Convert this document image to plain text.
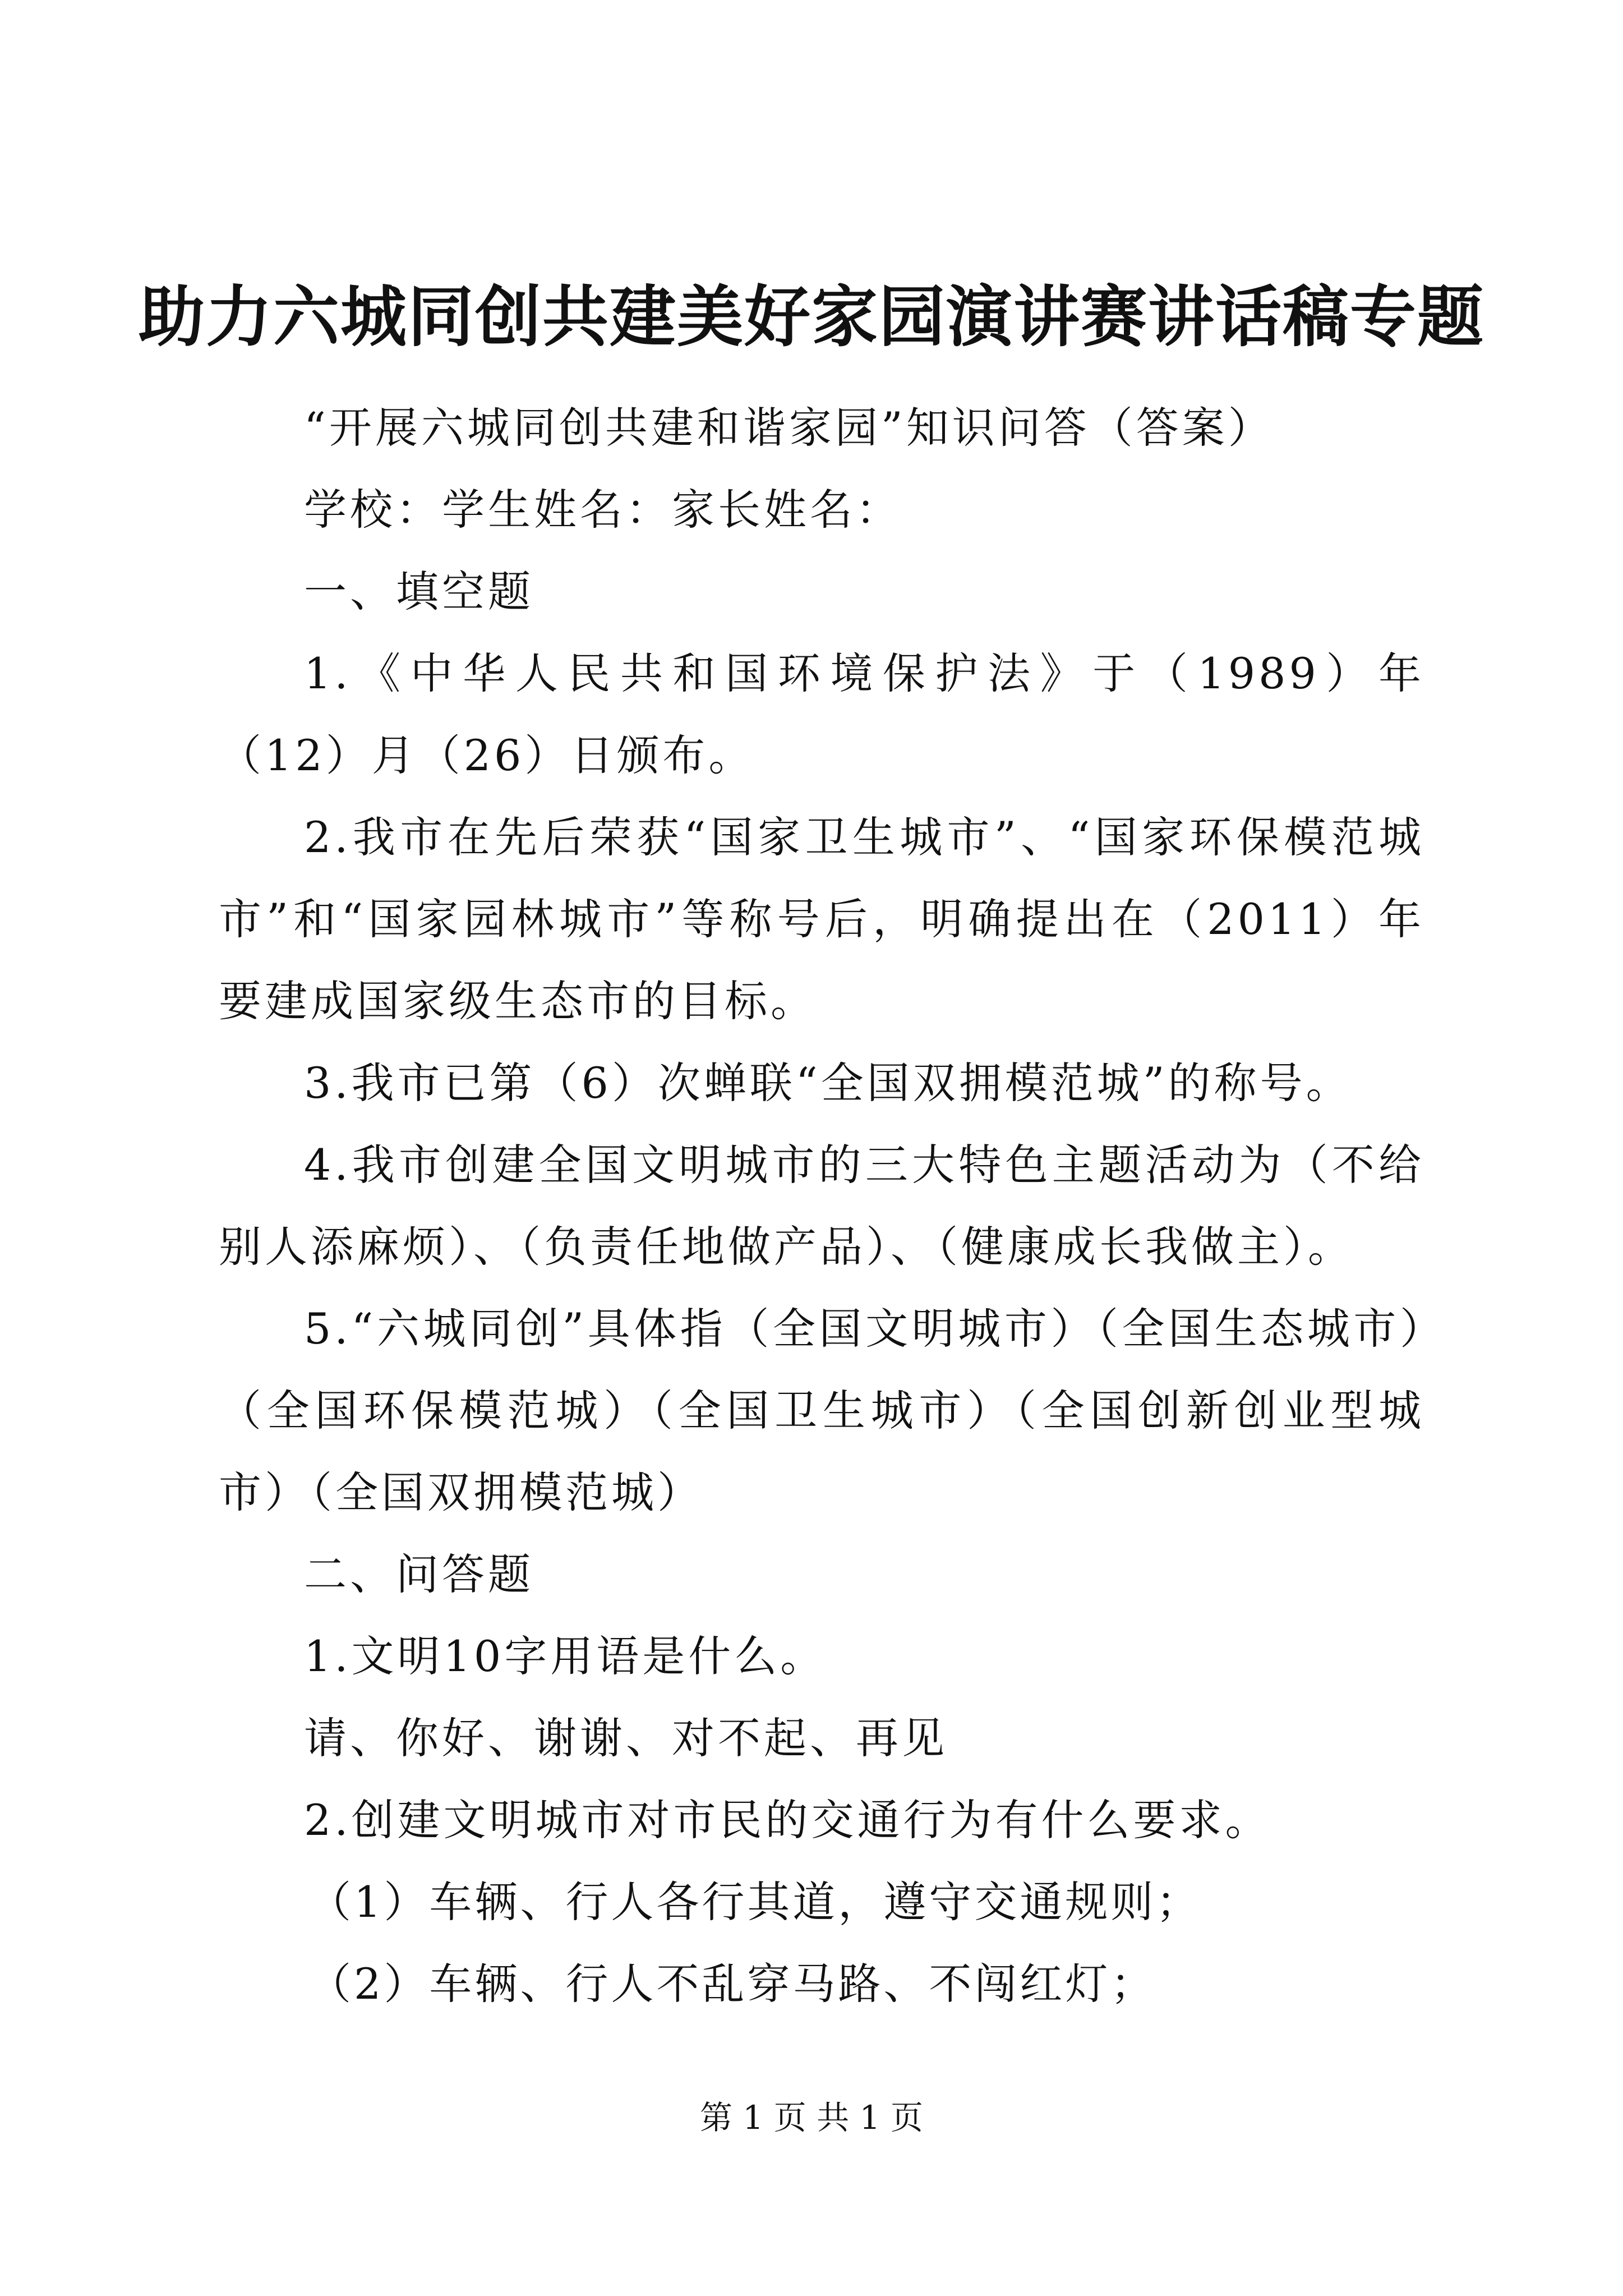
助力六城同创共建美好家园演讲赛讲话稿专题

“开展六城同创共建和谐家园”知识问答（答案）

学校：学生姓名：家长姓名：

一、填空题

1.《中华人民共和国环境保护法》于（1989）年（12）月（26）日颁布。

2.我市在先后荣获“国家卫生城市”、“国家环保模范城市”和“国家园林城市”等称号后，明确提出在（2011）年要建成国家级生态市的目标。

3.我市已第（6）次蝉联“全国双拥模范城”的称号。

4.我市创建全国文明城市的三大特色主题活动为（不给别人添麻烦）、（负责任地做产品）、（健康成长我做主）。

5.“六城同创”具体指（全国文明城市）（全国生态城市）（全国环保模范城）（全国卫生城市）（全国创新创业型城市）（全国双拥模范城）

二、问答题

1.文明10字用语是什么。

请、你好、谢谢、对不起、再见

2.创建文明城市对市民的交通行为有什么要求。

（1）车辆、行人各行其道，遵守交通规则；

（2）车辆、行人不乱穿马路、不闯红灯；

第 1 页 共 1 页
